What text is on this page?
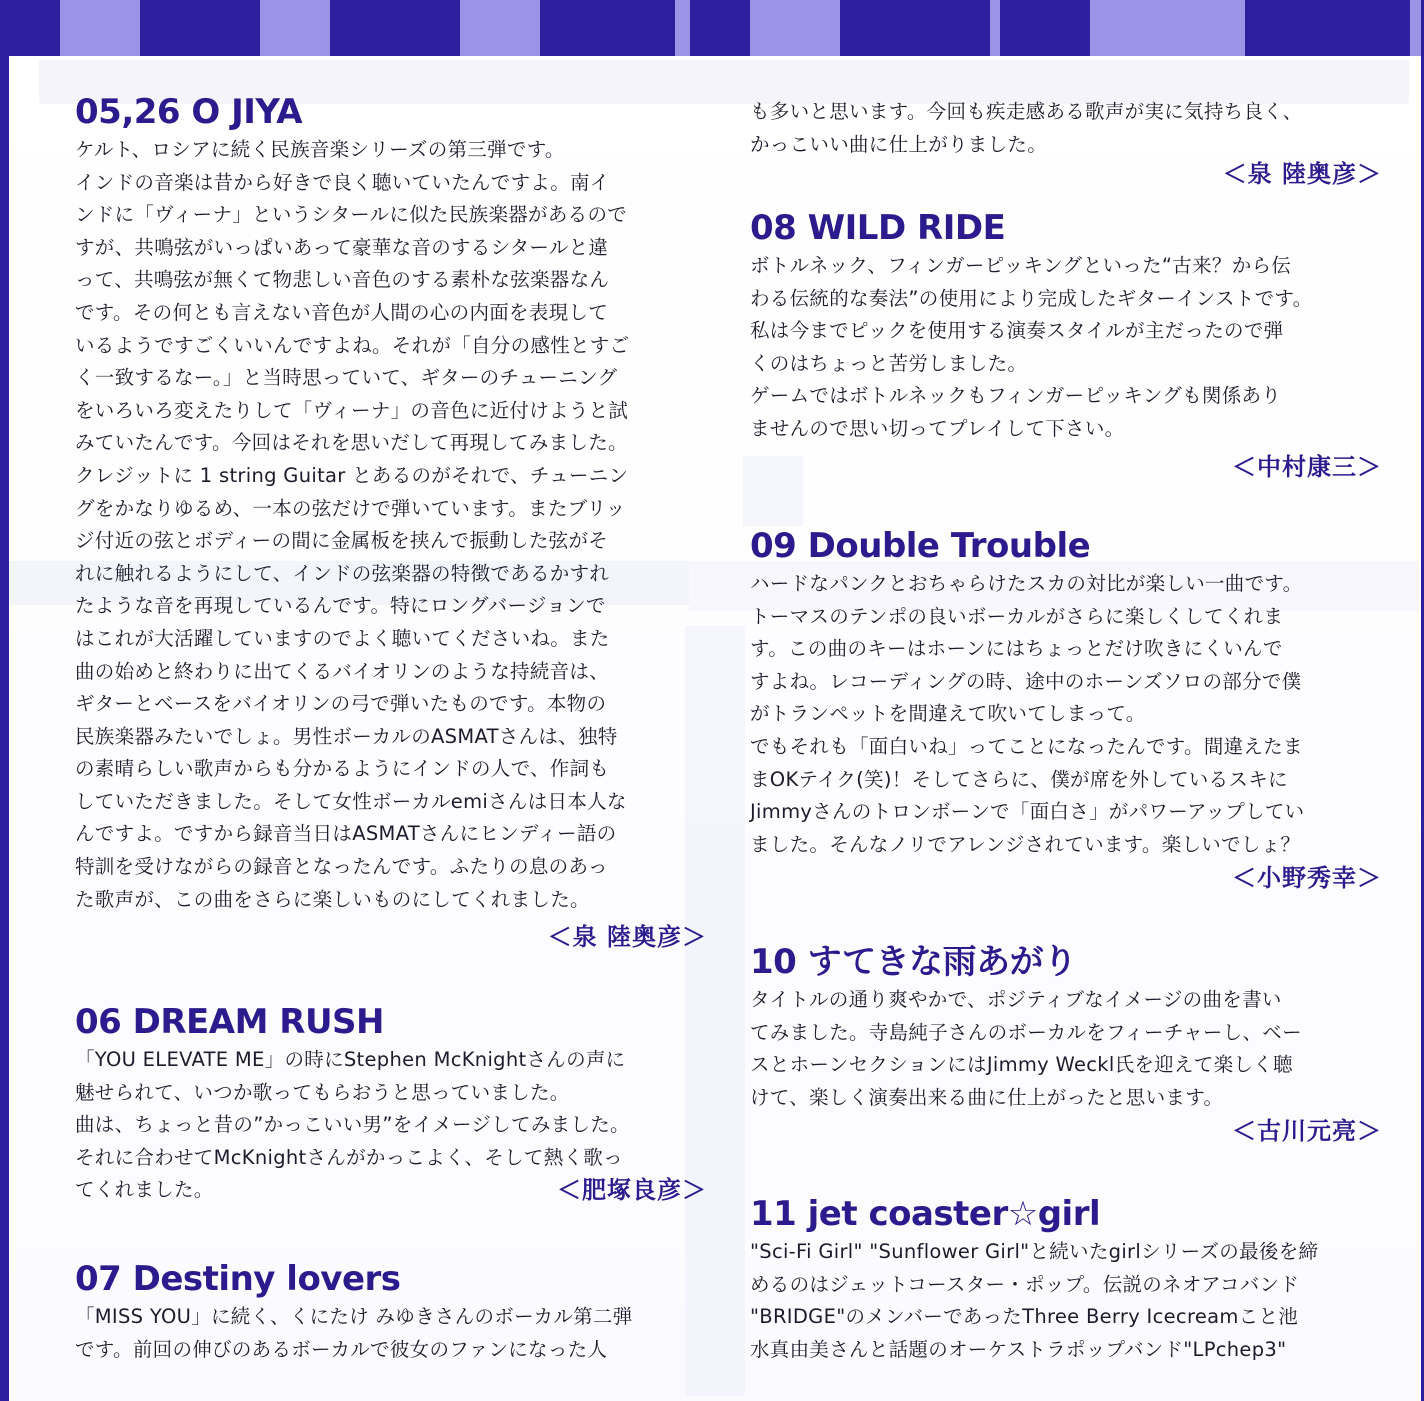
05,26 O JIYA

ケルト、ロシアに続く民族音楽シリーズの第三弾です。

インドの音楽は昔から好きで良く聴いていたんですよ。南イ

ンドに「ヴィーナ」というシタールに似た民族楽器があるので

すが、共鳴弦がいっぱいあって豪華な音のするシタールと違

って、共鳴弦が無くて物悲しい音色のする素朴な弦楽器なん

です。その何とも言えない音色が人間の心の内面を表現して

いるようですごくいいんですよね。それが「自分の感性とすご

く一致するなー。」と当時思っていて、ギターのチューニング

をいろいろ変えたりして「ヴィーナ」の音色に近付けようと試

みていたんです。今回はそれを思いだして再現してみました。

クレジットに 1 string Guitar とあるのがそれで、チューニン

グをかなりゆるめ、一本の弦だけで弾いています。またブリッ

ジ付近の弦とボディーの間に金属板を挟んで振動した弦がそ

れに触れるようにして、インドの弦楽器の特徴であるかすれ

たような音を再現しているんです。特にロングバージョンで

はこれが大活躍していますのでよく聴いてくださいね。また

曲の始めと終わりに出てくるバイオリンのような持続音は、

ギターとベースをバイオリンの弓で弾いたものです。本物の

民族楽器みたいでしょ。男性ボーカルのASMATさんは、独特

の素晴らしい歌声からも分かるようにインドの人で、作詞も

していただきました。そして女性ボーカルemiさんは日本人な

んですよ。ですから録音当日はASMATさんにヒンディー語の

特訓を受けながらの録音となったんです。ふたりの息のあっ

た歌声が、この曲をさらに楽しいものにしてくれました。

＜泉 陸奥彦＞

06 DREAM RUSH

「YOU ELEVATE ME」の時にStephen McKnightさんの声に

魅せられて、いつか歌ってもらおうと思っていました。

曲は、ちょっと昔の”かっこいい男”をイメージしてみました。

それに合わせてMcKnightさんがかっこよく、そして熱く歌っ

てくれました。	＜肥塚良彦＞

07 Destiny lovers

「MISS YOU」に続く、くにたけ みゆきさんのボーカル第二弾

です。前回の伸びのあるボーカルで彼女のファンになった人

も多いと思います。今回も疾走感ある歌声が実に気持ち良く、

かっこいい曲に仕上がりました。

＜泉 陸奥彦＞

08 WILD RIDE

ボトルネック、フィンガーピッキングといった“古来？から伝

わる伝統的な奏法”の使用により完成したギターインストです。

私は今までピックを使用する演奏スタイルが主だったので弾

くのはちょっと苦労しました。

ゲームではボトルネックもフィンガーピッキングも関係あり

ませんので思い切ってプレイして下さい。

＜中村康三＞

09 Double Trouble

ハードなパンクとおちゃらけたスカの対比が楽しい一曲です。

トーマスのテンポの良いボーカルがさらに楽しくしてくれま

す。この曲のキーはホーンにはちょっとだけ吹きにくいんで

すよね。レコーディングの時、途中のホーンズソロの部分で僕

がトランペットを間違えて吹いてしまって。

でもそれも「面白いね」ってことになったんです。間違えたま

まOKテイク(笑)！そしてさらに、僕が席を外しているスキに

Jimmyさんのトロンボーンで「面白さ」がパワーアップしてい

ました。そんなノリでアレンジされています。楽しいでしょ？

＜小野秀幸＞

10 すてきな雨あがり

タイトルの通り爽やかで、ポジティブなイメージの曲を書い

てみました。寺島純子さんのボーカルをフィーチャーし、ベー

スとホーンセクションにはJimmy Weckl氏を迎えて楽しく聴

けて、楽しく演奏出来る曲に仕上がったと思います。

＜古川元亮＞

11 jet coaster☆girl

"Sci-Fi Girl" "Sunflower Girl"と続いたgirlシリーズの最後を締

めるのはジェットコースター・ポップ。伝説のネオアコバンド

"BRIDGE"のメンバーであったThree Berry Icecreamこと池

水真由美さんと話題のオーケストラポップバンド"LPchep3"
